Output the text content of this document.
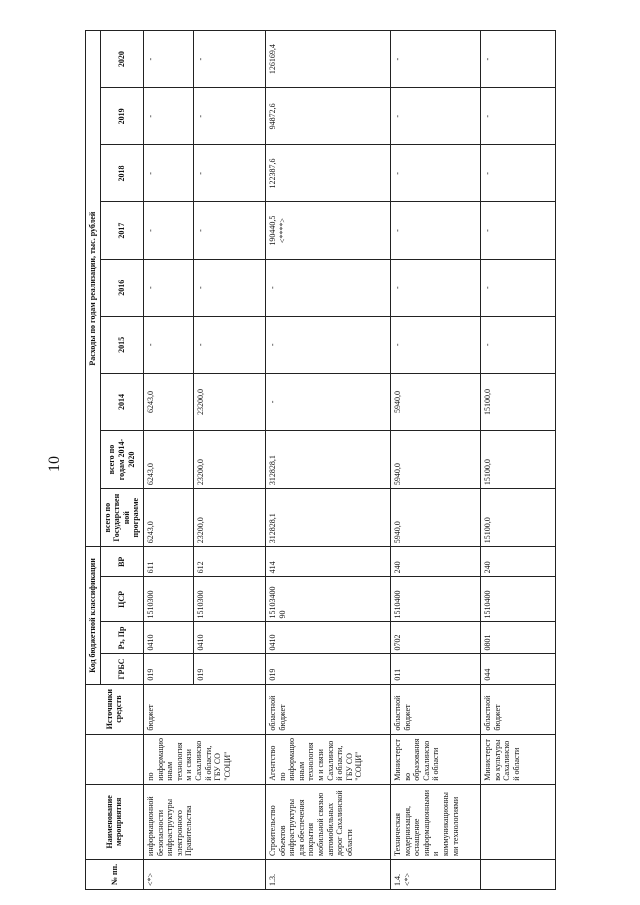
10
№ пп.	Наименование мероприятия		Источники средств	Код бюджетной классификации				Расходы по годам реализации, тыс. рублей								
				ГРБС	Рз, Пр	ЦСР	ВР	всего по Государственной программе	всего по годам 2014-2020	2014	2015	2016	2017	2018	2019	2020
<*>	информационной безопасности инфраструктуры электронного Правительства	по информационным технологиям и связи Сахалинской области, ГБУ СО "СОЦИ"	бюджет	019	0410	1510300	611	6243,0	6243,0	6243,0	-	-	-	-	-	-
				019	0410	1510300	612	23200,0	23200,0	23200,0	-	-	-	-	-	-
1.3.	Строительство объектов инфраструктуры для обеспечения покрытия мобильной связью автомобильных дорог Сахалинской области	Агентство по информационным технологиям и связи Сахалинской области, ГБУ СО "СОЦИ"	областной бюджет	019	0410	15103400 90	414	312828,1	312828,1	-	-	-	190440,5 <****>	122387,6	94872,6	126169,4
1.4. <*>	Техническая модернизация, оснащение информационными и коммуникационными технологиями	Министерство образования Сахалинской области	областной бюджет	011	0702	1510400	240	5940,0	5940,0	5940,0	-	-	-	-	-	-
		Министерство культуры Сахалинской области	областной бюджет	044	0801	1510400	240	15100,0	15100,0	15100,0	-	-	-	-	-	-
